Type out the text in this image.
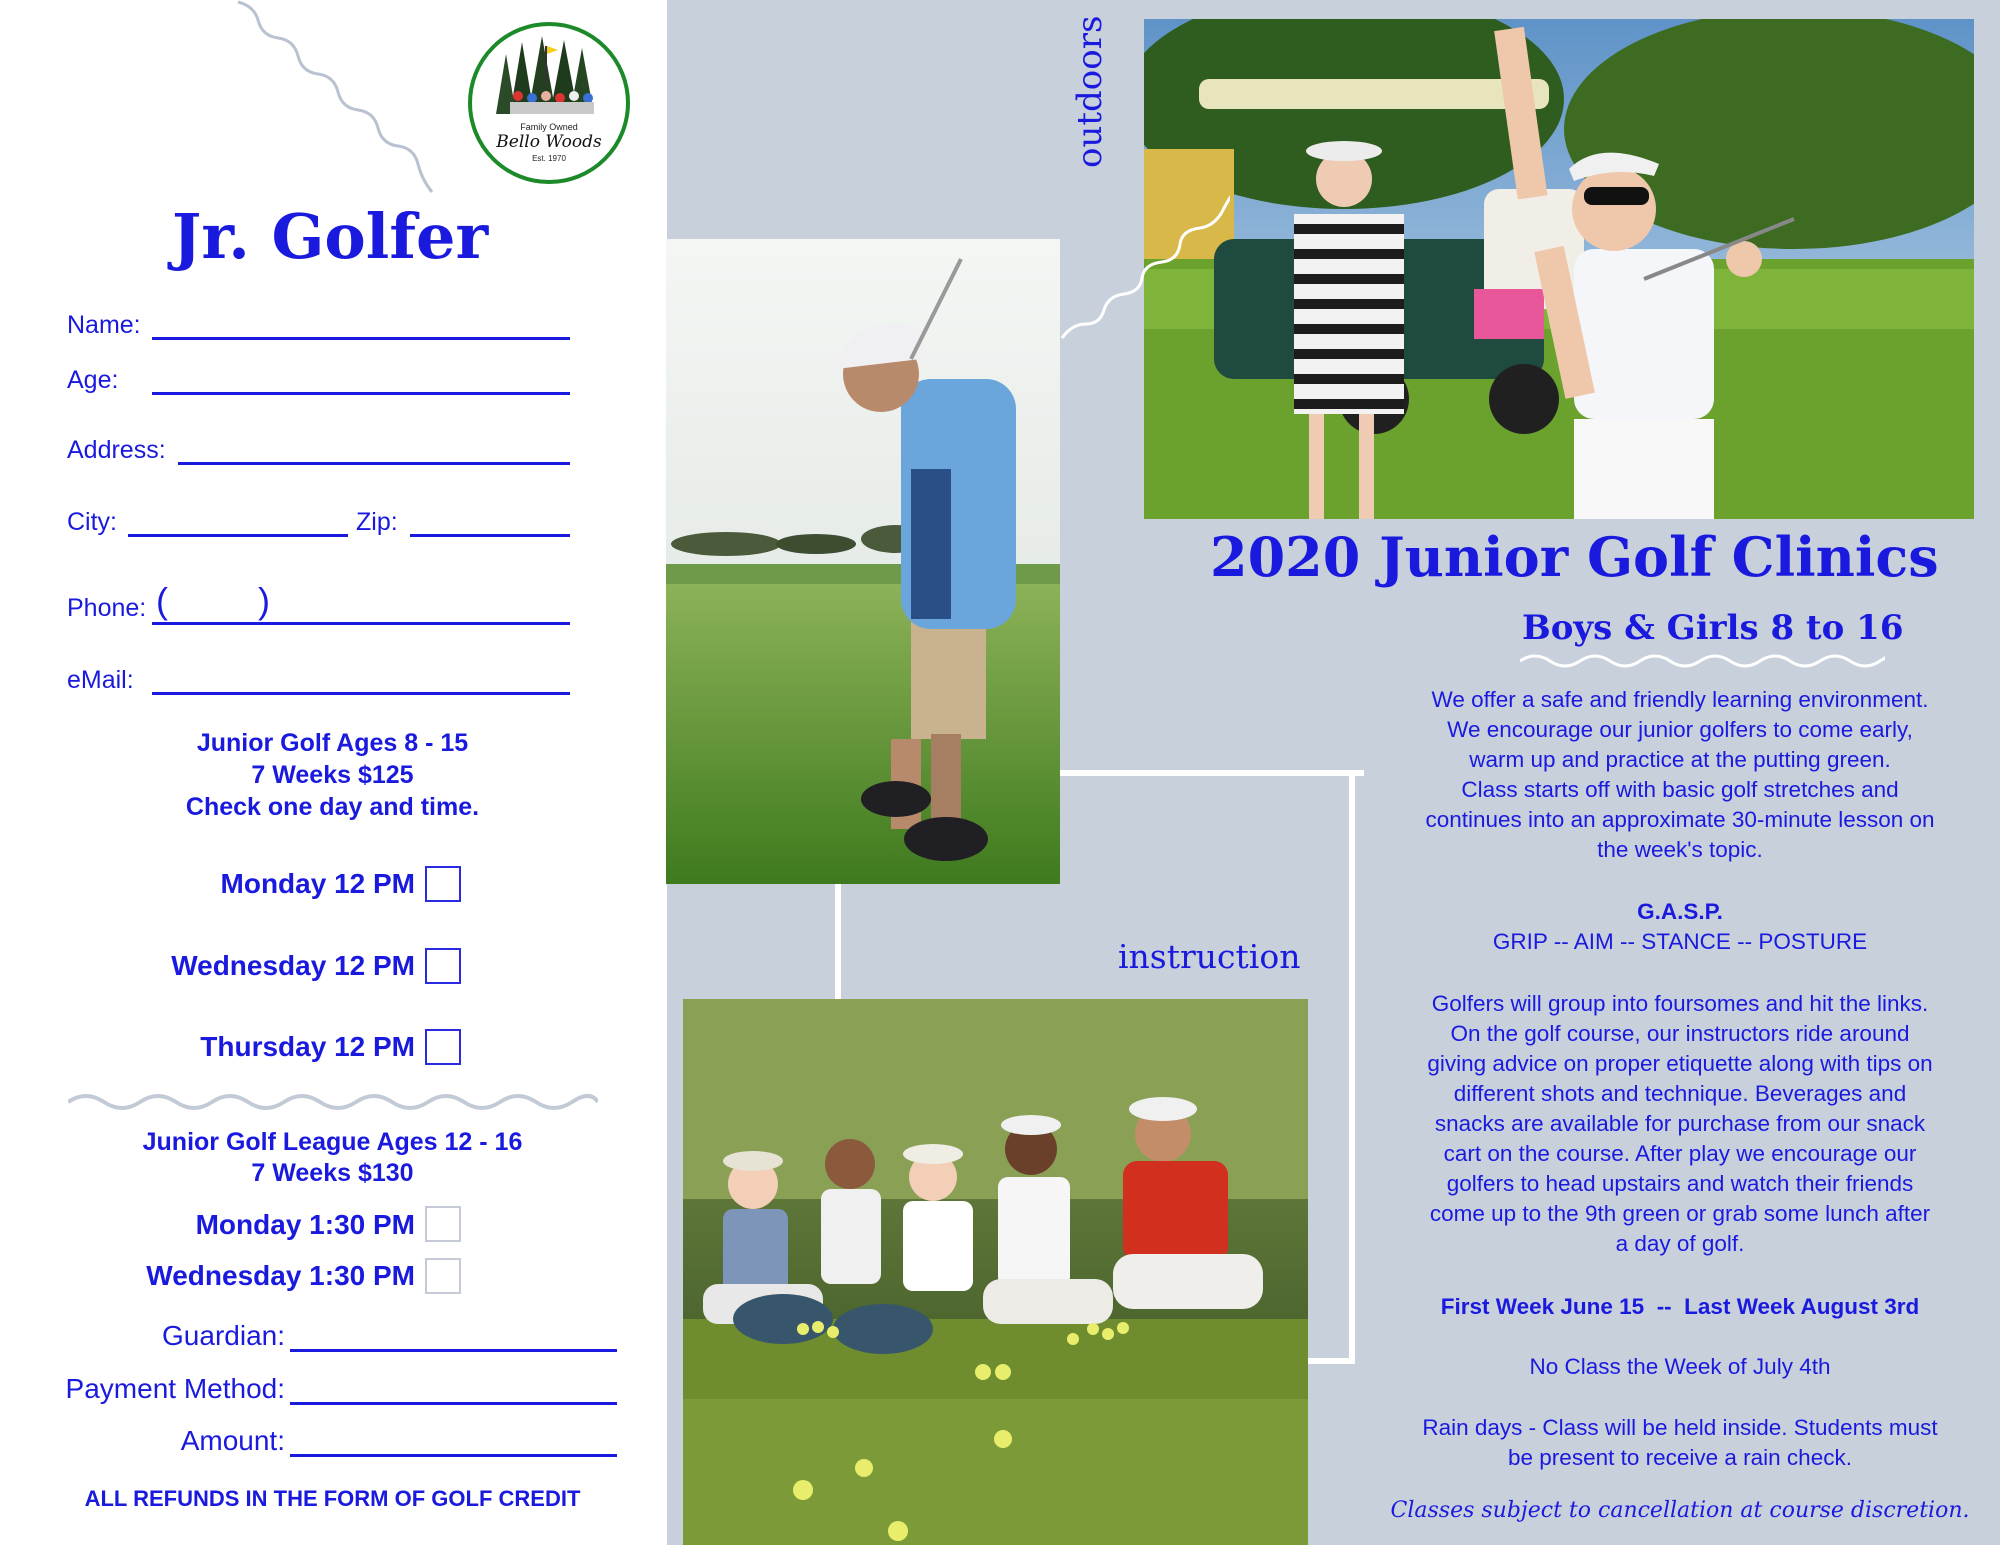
Family Owned
Bello Woods
Est. 1970
Jr. Golfer
Name:
Age:
Address:
City:	Zip:
Phone: (         )
eMail:
Junior Golf Ages 8 - 15
7 Weeks $125
Check one day and time.
Monday 12 PM
Wednesday 12 PM
Thursday 12 PM
Junior Golf League Ages 12 - 16
7 Weeks $130
Monday 1:30 PM
Wednesday 1:30 PM
Guardian:
Payment Method:
Amount:
ALL REFUNDS IN THE FORM OF GOLF CREDIT
outdoors
instruction
2020 Junior Golf Clinics
Boys & Girls 8 to 16
We offer a safe and friendly learning environment.
We encourage our junior golfers to come early,
warm up and practice at the putting green.
Class starts off with basic golf stretches and
continues into an approximate 30-minute lesson on
the week's topic.
G.A.S.P.
GRIP -- AIM -- STANCE -- POSTURE
Golfers will group into foursomes and hit the links.
On the golf course, our instructors ride around
giving advice on proper etiquette along with tips on
different shots and technique. Beverages and
snacks are available for purchase from our snack
cart on the course. After play we encourage our
golfers to head upstairs and watch their friends
come up to the 9th green or grab some lunch after
a day of golf.
First Week June 15  --  Last Week August 3rd
No Class the Week of July 4th
Rain days - Class will be held inside. Students must
be present to receive a rain check.
Classes subject to cancellation at course discretion.
